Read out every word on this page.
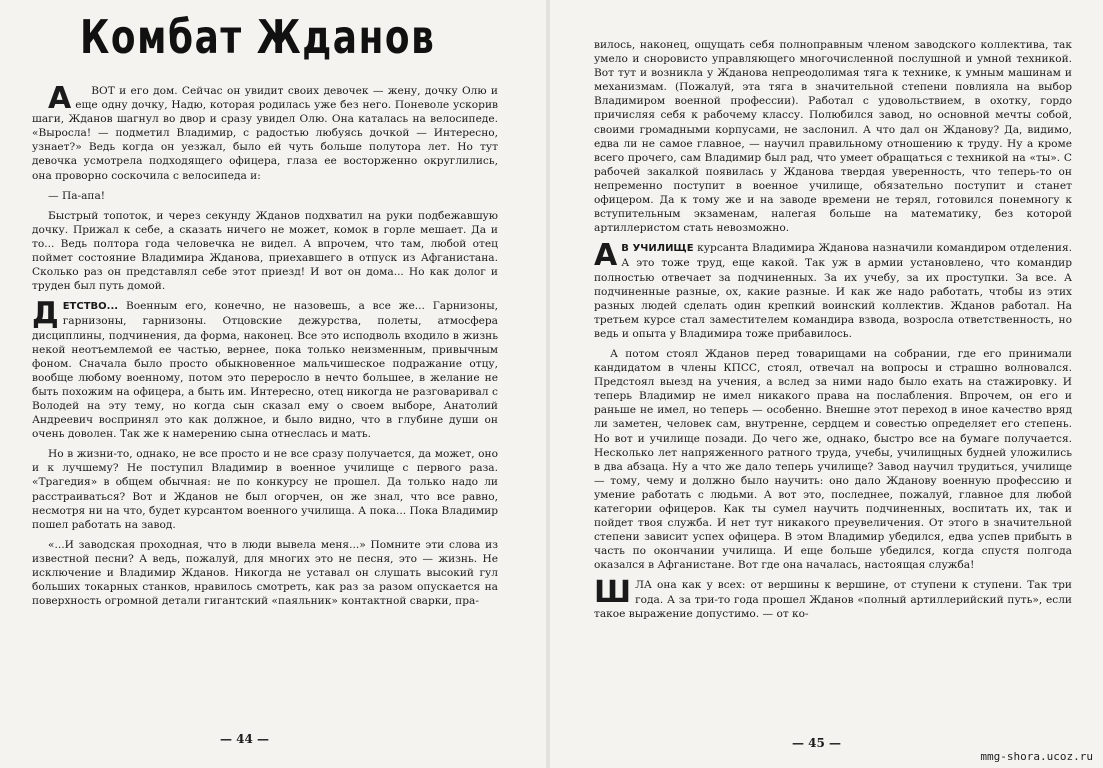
Комбат Жданов

А ВОТ и его дом. Сейчас он увидит своих девочек — жену, дочку Олю и еще одну дочку, Надю, которая родилась уже без него. Поневоле ускорив шаги, Жданов шагнул во двор и сразу увидел Олю. Она каталась на велосипеде. «Выросла! — подметил Владимир, с радостью любуясь дочкой — Интересно, узнает?» Ведь когда он уезжал, было ей чуть больше полутора лет. Но тут девочка усмотрела подходящего офицера, глаза ее восторженно округлились, она проворно соскочила с велосипеда и:

— Па-апа!

Быстрый топоток, и через секунду Жданов подхватил на руки подбежавшую дочку. Прижал к себе, а сказать ничего не может, комок в горле мешает. Да и то... Ведь полтора года человечка не видел. А впрочем, что там, любой отец поймет состояние Владимира Жданова, приехавшего в отпуск из Афганистана. Сколько раз он представлял себе этот приезд! И вот он дома... Но как долог и труден был путь домой.

ДЕТСТВО... Военным его, конечно, не назовешь, а все же... Гарнизоны, гарнизоны, гарнизоны. Отцовские дежурства, полеты, атмосфера дисциплины, подчинения, да форма, наконец. Все это исподволь входило в жизнь некой неотъемлемой ее частью, вернее, пока только неизменным, привычным фоном. Сначала было просто обыкновенное мальчишеское подражание отцу, вообще любому военному, потом это переросло в нечто большее, в желание не быть похожим на офицера, а быть им. Интересно, отец никогда не разговаривал с Володей на эту тему, но когда сын сказал ему о своем выборе, Анатолий Андреевич воспринял это как должное, и было видно, что в глубине души он очень доволен. Так же к намерению сына отнеслась и мать.

Но в жизни-то, однако, не все просто и не все сразу получается, да может, оно и к лучшему? Не поступил Владимир в военное училище с первого раза. «Трагедия» в общем обычная: не по конкурсу не прошел. Да только надо ли расстраиваться? Вот и Жданов не был огорчен, он же знал, что все равно, несмотря ни на что, будет курсантом военного училища. А пока... Пока Владимир пошел работать на завод.

«...И заводская проходная, что в люди вывела меня...» Помните эти слова из известной песни? А ведь, пожалуй, для многих это не песня, это — жизнь. Не исключение и Владимир Жданов. Никогда не уставал он слушать высокий гул больших токарных станков, нравилось смотреть, как раз за разом опускается на поверхность огромной детали гигантский «паяльник» контактной сварки, пра-

— 44 —

вилось, наконец, ощущать себя полноправным членом заводского коллектива, так умело и сноровисто управляющего многочисленной послушной и умной техникой. Вот тут и возникла у Жданова непреодолимая тяга к технике, к умным машинам и механизмам. (Пожалуй, эта тяга в значительной степени повлияла на выбор Владимиром военной профессии). Работал с удовольствием, в охотку, гордо причисляя себя к рабочему классу. Полюбился завод, но основной мечты собой, своими громадными корпусами, не заслонил. А что дал он Жданову? Да, видимо, едва ли не самое главное, — научил правильному отношению к труду. Ну а кроме всего прочего, сам Владимир был рад, что умеет обращаться с техникой на «ты». С рабочей закалкой появилась у Жданова твердая уверенность, что теперь-то он непременно поступит в военное училище, обязательно поступит и станет офицером. Да к тому же и на заводе времени не терял, готовился понемногу к вступительным экзаменам, налегая больше на математику, без которой артиллеристом стать невозможно.

А В УЧИЛИЩЕ курсанта Владимира Жданова назначили командиром отделения. А это тоже труд, еще какой. Так уж в армии установлено, что командир полностью отвечает за подчиненных. За их учебу, за их проступки. За все. А подчиненные разные, ох, какие разные. И как же надо работать, чтобы из этих разных людей сделать один крепкий воинский коллектив. Жданов работал. На третьем курсе стал заместителем командира взвода, возросла ответственность, но ведь и опыта у Владимира тоже прибавилось.

А потом стоял Жданов перед товарищами на собрании, где его принимали кандидатом в члены КПСС, стоял, отвечал на вопросы и страшно волновался. Предстоял выезд на учения, а вслед за ними надо было ехать на стажировку. И теперь Владимир не имел никакого права на послабления. Впрочем, он его и раньше не имел, но теперь — особенно. Внешне этот переход в иное качество вряд ли заметен, человек сам, внутренне, сердцем и совестью определяет его степень. Но вот и училище позади. До чего же, однако, быстро все на бумаге получается. Несколько лет напряженного ратного труда, учебы, училищных будней уложились в два абзаца. Ну а что же дало теперь училище? Завод научил трудиться, училище — тому, чему и должно было научить: оно дало Жданову военную профессию и умение работать с людьми. А вот это, последнее, пожалуй, главное для любой категории офицеров. Как ты сумел научить подчиненных, воспитать их, так и пойдет твоя служба. И нет тут никакого преувеличения. От этого в значительной степени зависит успех офицера. В этом Владимир убедился, едва успев прибыть в часть по окончании училища. И еще больше убедился, когда спустя полгода оказался в Афганистане. Вот где она началась, настоящая служба!

ШЛА она как у всех: от вершины к вершине, от ступени к ступени. Так три года. А за три-то года прошел Жданов «полный артиллерийский путь», если такое выражение допустимо. — от ко-

— 45 —
mmg-shora.ucoz.ru
